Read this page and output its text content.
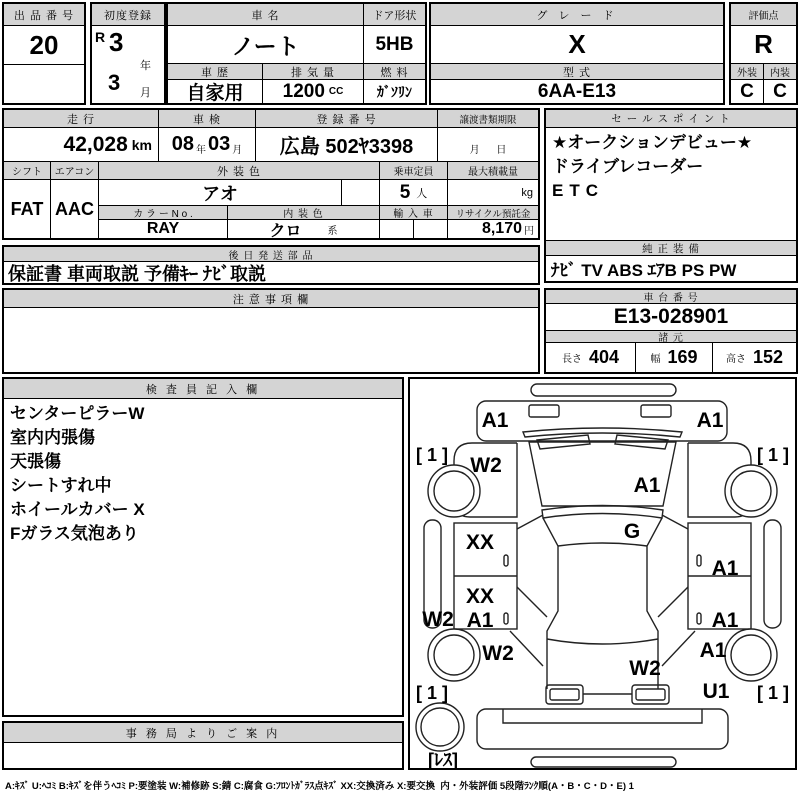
出 品 番 号
20
初度登録
R 3
年
3 月
車 名	ドア形状
ノート	5HB
車 歴	排 気 量	燃 料
自家用	1200 CC	ｶﾞｿﾘﾝ
グ レ ー ド
X
型 式
6AA-E13
評価点
R
外装	内装
C	C
走 行	車 検	登 録 番 号	譲渡書類期限
42,028 km 08 年 03 月	広島 502ﾔ3398	月      日
シフト	エアコン	外 装 色	乗車定員	最大積載量
FAT AAC
アオ	5 人	kg
カ ラ ー N o .	内 装 色	輸 入 車	リサイクル預託金
RAY	クロ	系	8,170 円
セ ー ル ス ポ イ ン ト
★オークションデビュー★
ドライブレコーダー
ETC
純 正 装 備
ﾅﾋﾞ TV ABS ｴｱB PS PW
後 日 発 送 部 品
保証書 車両取説 予備ｷｰ ﾅﾋﾞ取説
注 意 事 項 欄	車 台 番 号
E13-028901
諸 元
長さ 404	幅 169	高さ 152
検 査 員 記 入 欄
センターピラーW
室内内張傷
天張傷
シートすれ中
ホイールカバー X
Fガラス気泡あり
事 務 局 よ り ご 案 内
A1	A1
[ 1 ]	[ 1 ]
W2
A1
G
XX
A1
XX
A1	A1
W2
W2	A1
W2
U1
[ 1 ]	[ 1 ]
[ﾚｽ]
A:ｷｽﾞ U:ﾍｺﾐ B:ｷｽﾞを伴うﾍｺﾐ P:要塗装 W:補修跡 S:錆 C:腐食 G:ﾌﾛﾝﾄｶﾞﾗｽ点ｷｽﾞ XX:交換済み X:要交換  内・外装評価 5段階ﾗﾝｸ順(A・B・C・D・E) 1
